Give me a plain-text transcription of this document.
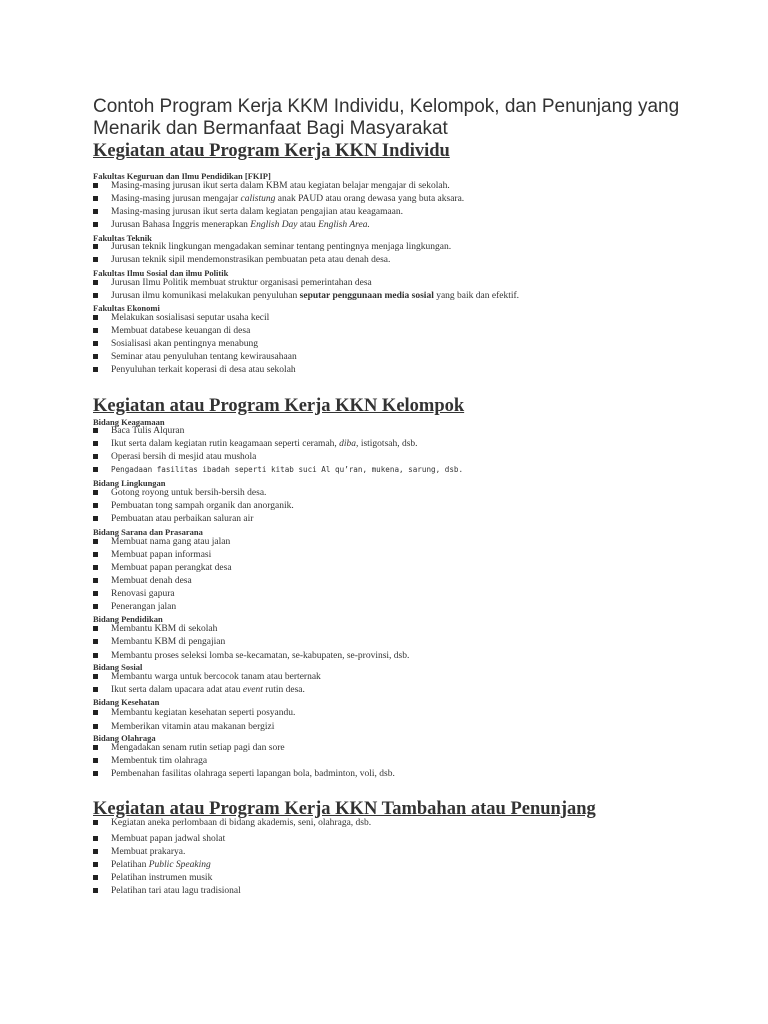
Contoh Program Kerja KKM Individu, Kelompok, dan Penunjang yang Menarik dan Bermanfaat Bagi Masyarakat
Kegiatan atau Program Kerja KKN Individu
Fakultas Keguruan dan Ilmu Pendidikan [FKIP]
Masing-masing jurusan ikut serta dalam KBM atau kegiatan belajar mengajar di sekolah.
Masing-masing jurusan mengajar calistung anak PAUD atau orang dewasa yang buta aksara.
Masing-masing jurusan ikut serta dalam kegiatan pengajian atau keagamaan.
Jurusan Bahasa Inggris menerapkan English Day atau English Area.
Fakultas Teknik
Jurusan teknik lingkungan mengadakan seminar tentang pentingnya menjaga lingkungan.
Jurusan teknik sipil mendemonstrasikan pembuatan peta atau denah desa.
Fakultas Ilmu Sosial dan ilmu Politik
Jurusan Ilmu Politik membuat struktur organisasi pemerintahan desa
Jurusan ilmu komunikasi melakukan penyuluhan seputar penggunaan media sosial yang baik dan efektif.
Fakultas Ekonomi
Melakukan sosialisasi seputar usaha kecil
Membuat databese keuangan di desa
Sosialisasi akan pentingnya menabung
Seminar atau penyuluhan tentang kewirausahaan
Penyuluhan terkait koperasi di desa atau sekolah
Kegiatan atau Program Kerja KKN Kelompok
Bidang Keagamaan
Baca Tulis Alquran
Ikut serta dalam kegiatan rutin keagamaan seperti ceramah, diba, istigotsah, dsb.
Operasi bersih di mesjid atau mushola
Pengadaan fasilitas ibadah seperti kitab suci Al qu’ran, mukena, sarung, dsb.
Bidang Lingkungan
Gotong royong untuk bersih-bersih desa.
Pembuatan tong sampah organik dan anorganik.
Pembuatan atau perbaikan saluran air
Bidang Sarana dan Prasarana
Membuat nama gang atau jalan
Membuat papan informasi
Membuat papan perangkat desa
Membuat denah desa
Renovasi gapura
Penerangan jalan
Bidang Pendidikan
Membantu KBM di sekolah
Membantu KBM di pengajian
Membantu proses seleksi lomba se-kecamatan, se-kabupaten, se-provinsi, dsb.
Bidang Sosial
Membantu warga untuk bercocok tanam atau berternak
Ikut serta dalam upacara adat atau event rutin desa.
Bidang Kesehatan
Membantu kegiatan kesehatan seperti posyandu.
Memberikan vitamin atau makanan bergizi
Bidang Olahraga
Mengadakan senam rutin setiap pagi dan sore
Membentuk tim olahraga
Pembenahan fasilitas olahraga seperti lapangan bola, badminton, voli, dsb.
Kegiatan atau Program Kerja KKN Tambahan atau Penunjang
Kegiatan aneka perlombaan di bidang akademis, seni, olahraga, dsb.
Membuat papan jadwal sholat
Membuat prakarya.
Pelatihan Public Speaking
Pelatihan instrumen musik
Pelatihan tari atau lagu tradisional
